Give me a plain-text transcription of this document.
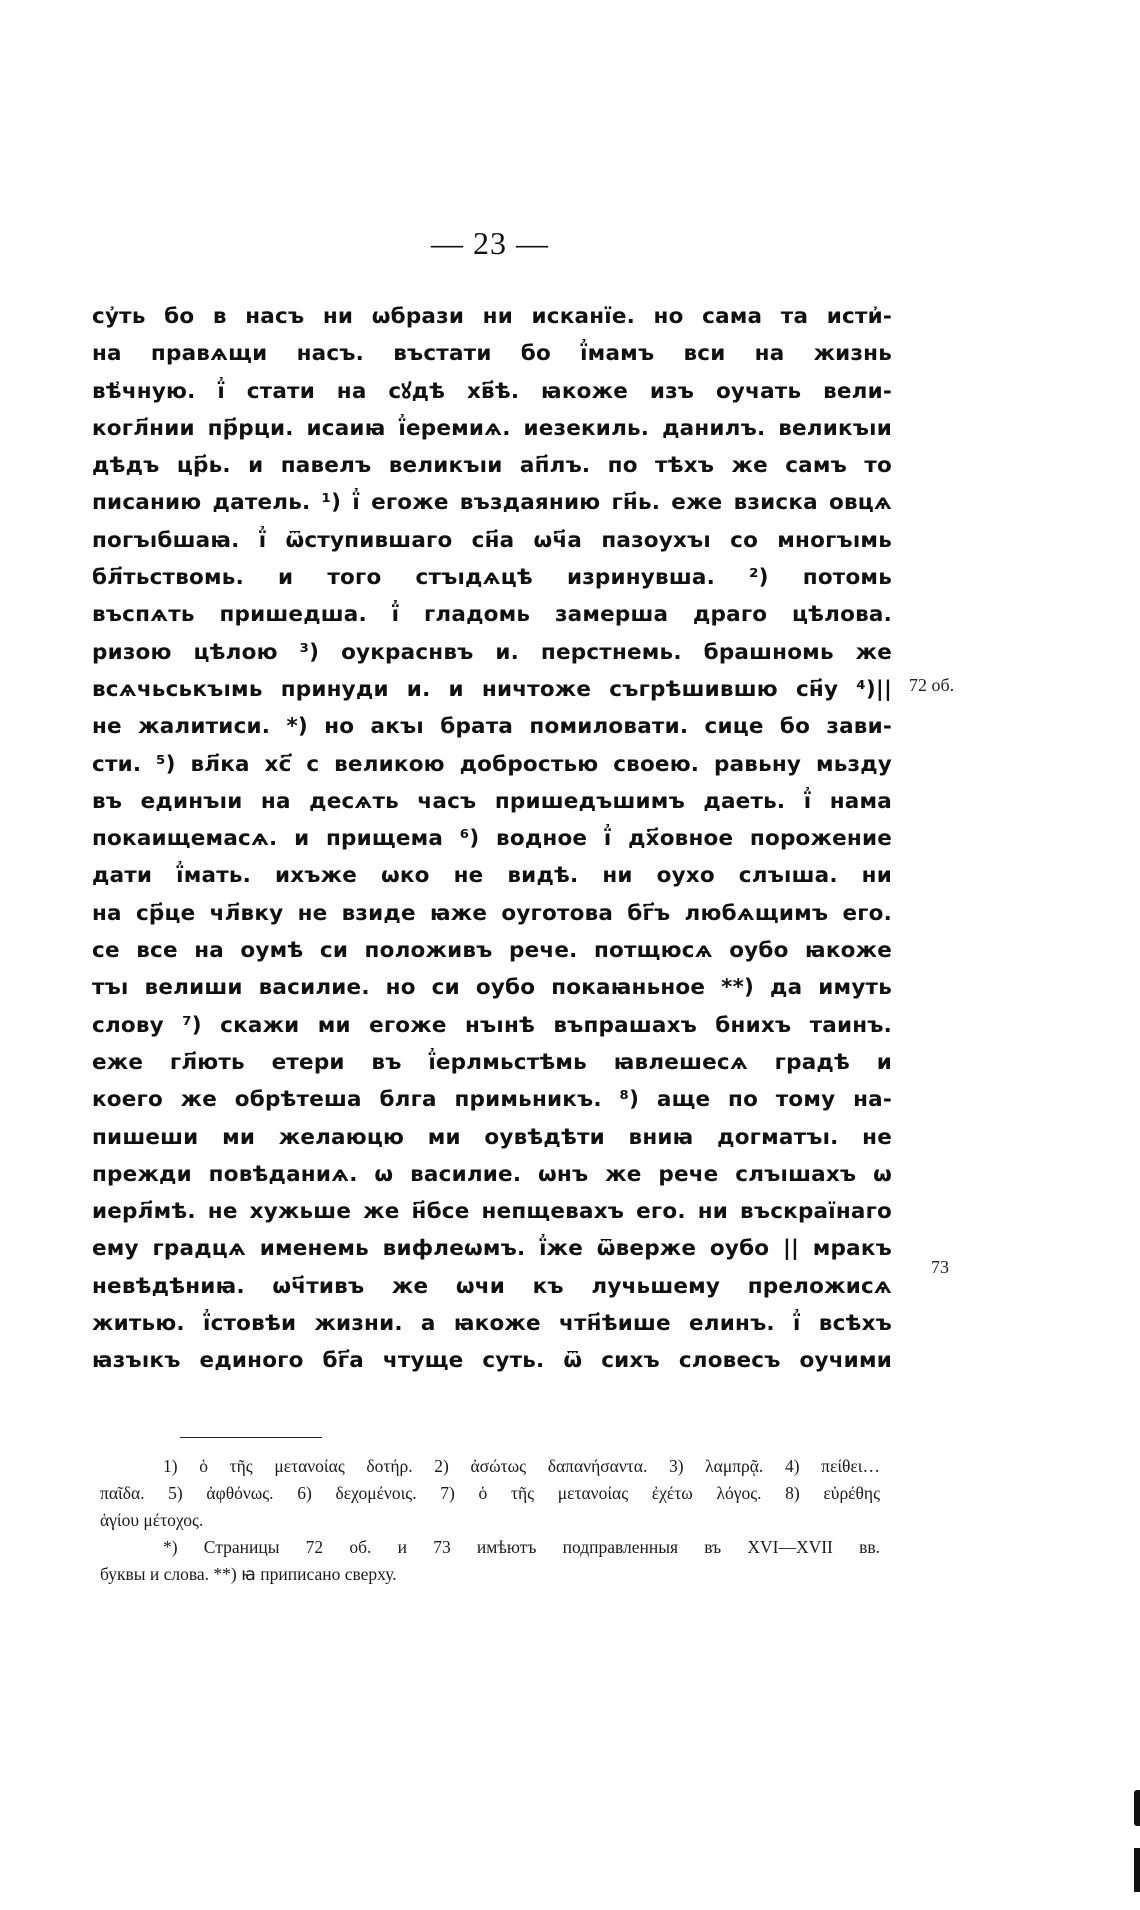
— 23 —
су҆ть бо в насъ ни ѡбрази ни исканїе. но сама та исти҆-
на правѧщи насъ. въстати бо ї҆мамъ вси на жизнь
вѣ҆чную. ї҆ стати на сꙋдѣ хв҃ѣ. ꙗкоже изъ оучать вели-
когл҃нии пр҃рци. исаиꙗ ї҆еремиѧ. иезекиль. данилъ. великъıи
дѣдъ цр҃ь. и павелъ великъıи ап҃лъ. по тѣхъ же самъ то
писанию датель. ¹) ї҆ егоже въздаянию гн҃ь. еже взиска овцѧ
погъıбшаꙗ. ї҆ ѿступившаго сн҃а ѡч҃а пазоухъı со многъıмь
бл҃тьствомь. и того стъıдѧцѣ изринувша. ²) потомь
въспѧть пришедша. ї҆ гладомь замерша драго цѣлова.
ризою цѣлою ³) оукраснвъ и. перстнемь. брашномь же
всѧчьськъıмь принуди и. и ничтоже съгрѣшившю сн҃у ⁴)||
не жалитиси. *) но акъı брата помиловати. сице бо зави-
сти. ⁵) вл҃ка хс҃ с великою добростью своею. равьну мьзду
въ единъıи на десѧть часъ пришедъшимъ даеть. ї҆ нама
покаищемасѧ. и прищема ⁶) водное ї҆ дх҃овное порожение
дати ї҆мать. ихъже ѡко не видѣ. ни оухо слъıша. ни
на ср҃це чл҃вку не взиде ꙗже оуготова бг҃ъ любѧщимъ его.
се все на оумѣ си положивъ рече. потщюсѧ оубо ꙗкоже
тъı велиши василие. но си оубо покаꙗньное **) да имуть
слову ⁷) скажи ми егоже нъıнѣ въпрашахъ бнихъ таинъ.
еже гл҃ють етери въ ї҆ерлмьстѣмь ꙗвлешесѧ градѣ и
коего же обрѣтеша блга примьникъ. ⁸) аще по тому на-
пишеши ми желаюцю ми оувѣдѣти вниꙗ догматъı. не
прежди повѣданиѧ. ѡ василие. ѡнъ же рече слъıшахъ ѡ
иерл҃мѣ. не хужьше же н҃бсе непщевахъ его. ни въскраїнаго
ему градцѧ именемь вифлеѡмъ. ї҆же ѿверже оубо || мракъ
невѣдѣниꙗ. ѡч҃тивъ же ѡчи къ лучьшему преложисѧ
житью. ї҆стовѣи жизни. а ꙗкоже чтн҃ѣише елинъ. ї҆ всѣхъ
ꙗзъıкъ единого бг҃а чтуще суть. ѿ сихъ словесъ оучими
72 об.
73
1) ὁ τῆς μετανοίας δοτήρ. 2) ἀσώτως δαπανήσαντα. 3) λαμπρᾷ. 4) πείθει…
παῖδα. 5) ἀφθόνως. 6) δεχομένοις. 7) ὁ τῆς μετανοίας ἐχέτω λόγος. 8) εὑρέθης
ἁγίου μέτοχος.
*) Страницы 72 об. и 73 имѣютъ подправленныя въ XVI—XVII вв.
буквы и слова. **) ꙗ приписано сверху.
